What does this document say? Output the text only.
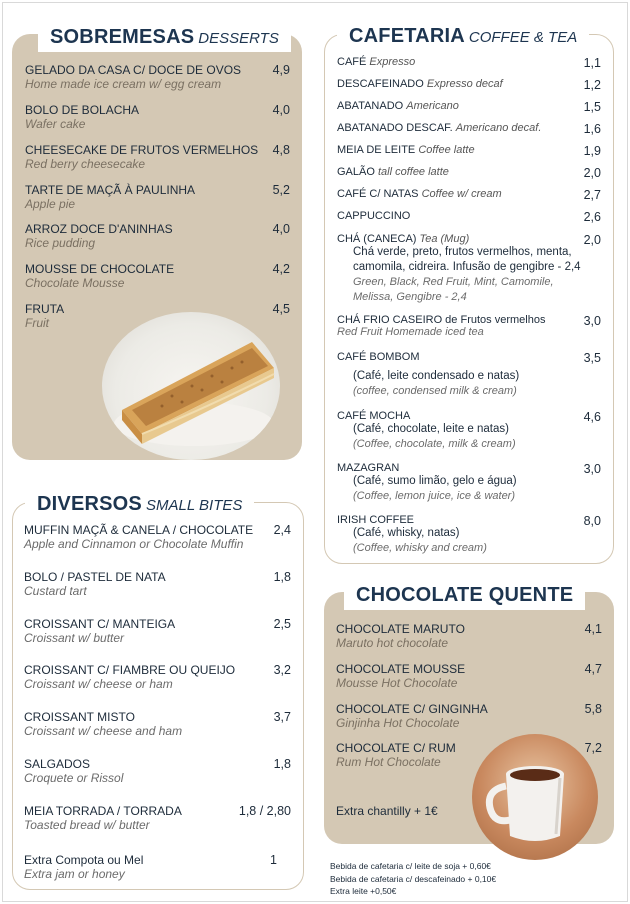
SOBREMESAS DESSERTS
GELADO DA CASA C/ DOCE DE OVOS
Home made ice cream w/ egg cream
4,9
BOLO DE BOLACHA
Wafer cake
4,0
CHEESECAKE DE FRUTOS VERMELHOS
Red berry cheesecake
4,8
TARTE DE MAÇÃ À PAULINHA
Apple pie
5,2
ARROZ DOCE D'ANINHAS
Rice pudding
4,0
MOUSSE DE CHOCOLATE
Chocolate Mousse
4,2
FRUTA
Fruit
4,5
DIVERSOS SMALL BITES
MUFFIN MAÇÃ & CANELA / CHOCOLATE
Apple and Cinnamon or Chocolate Muffin
2,4
BOLO / PASTEL DE NATA
Custard tart
1,8
CROISSANT C/ MANTEIGA
Croissant w/ butter
2,5
CROISSANT C/ FIAMBRE OU QUEIJO
Croissant w/ cheese or ham
3,2
CROISSANT MISTO
Croissant w/ cheese and ham
3,7
SALGADOS
Croquete or Rissol
1,8
MEIA TORRADA / TORRADA
Toasted bread w/ butter
1,8 / 2,80
Extra Compota ou Mel
Extra jam or honey
1
CAFETARIA COFFEE & TEA
CAFÉ Expresso	1,1
DESCAFEINADO Expresso decaf	1,2
ABATANADO Americano	1,5
ABATANADO DESCAF. Americano decaf.	1,6
MEIA DE LEITE Coffee latte	1,9
GALÃO tall coffee latte	2,0
CAFÉ C/ NATAS Coffee w/ cream	2,7
CAPPUCCINO	2,6
CHÁ (CANECA) Tea (Mug)
Chá verde, preto, frutos vermelhos, menta,
camomila, cidreira. Infusão de gengibre - 2,4
Green, Black, Red Fruit, Mint, Camomile,
Melissa, Gengibre - 2,4
2,0
CHÁ FRIO CASEIRO de Frutos vermelhos
Red Fruit Homemade iced tea
3,0
CAFÉ BOMBOM
(Café, leite condensado e natas)
(coffee, condensed milk & cream)
3,5
CAFÉ MOCHA
(Café, chocolate, leite e natas)
(Coffee, chocolate, milk & cream)
4,6
MAZAGRAN
(Café, sumo limão, gelo e água)
(Coffee, lemon juice, ice & water)
3,0
IRISH COFFEE
(Café, whisky, natas)
(Coffee, whisky and cream)
8,0
CHOCOLATE QUENTE
CHOCOLATE MARUTO
Maruto hot chocolate
4,1
CHOCOLATE MOUSSE
Mousse Hot Chocolate
4,7
CHOCOLATE C/ GINGINHA
Ginjinha Hot Chocolate
5,8
CHOCOLATE C/ RUM
Rum Hot Chocolate
7,2
Extra chantilly + 1€
Bebida de cafetaria c/ leite de soja + 0,60€
Bebida de cafetaria c/ descafeinado + 0,10€
Extra leite +0,50€
